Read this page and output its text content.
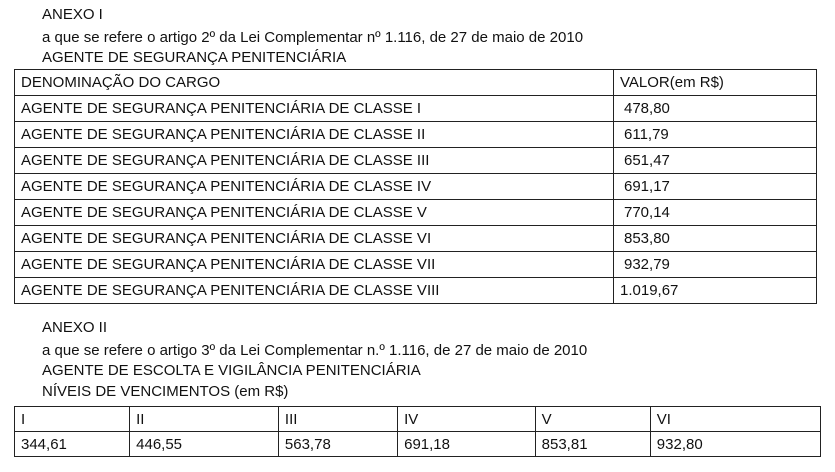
ANEXO I
a que se refere o artigo 2º da Lei Complementar nº 1.116, de 27 de maio de 2010
AGENTE DE SEGURANÇA PENITENCIÁRIA
DENOMINAÇÃO DO CARGO	VALOR(em R$)
AGENTE DE SEGURANÇA PENITENCIÁRIA DE CLASSE I	478,80
AGENTE DE SEGURANÇA PENITENCIÁRIA DE CLASSE II	611,79
AGENTE DE SEGURANÇA PENITENCIÁRIA DE CLASSE III	651,47
AGENTE DE SEGURANÇA PENITENCIÁRIA DE CLASSE IV	691,17
AGENTE DE SEGURANÇA PENITENCIÁRIA DE CLASSE V	770,14
AGENTE DE SEGURANÇA PENITENCIÁRIA DE CLASSE VI	853,80
AGENTE DE SEGURANÇA PENITENCIÁRIA DE CLASSE VII	932,79
AGENTE DE SEGURANÇA PENITENCIÁRIA DE CLASSE VIII	1.019,67
ANEXO II
a que se refere o artigo 3º da Lei Complementar n.º 1.116, de 27 de maio de 2010
AGENTE DE ESCOLTA E VIGILÂNCIA PENITENCIÁRIA
NÍVEIS DE VENCIMENTOS (em R$)
I	II	III	IV	V	VI
344,61	446,55	563,78	691,18	853,81	932,80
